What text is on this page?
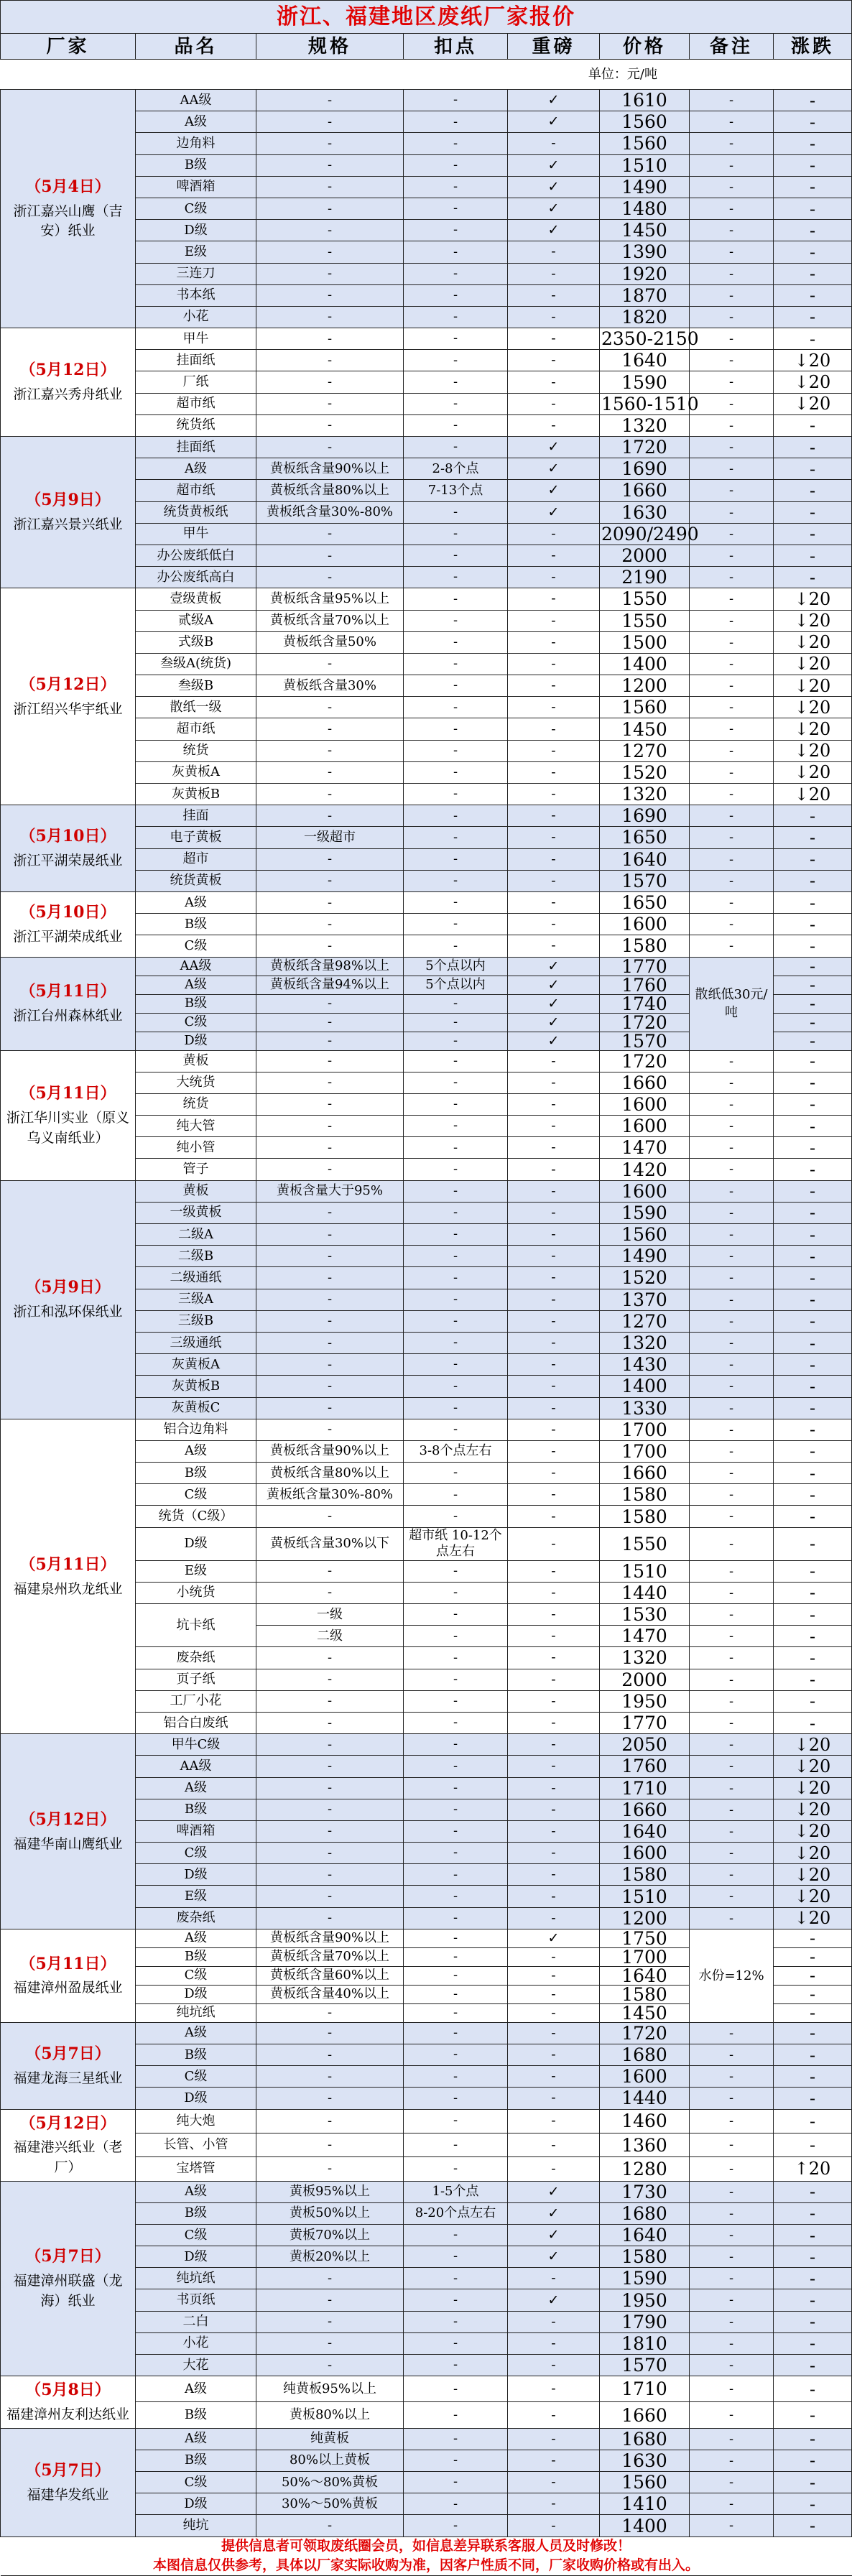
浙江、福建地区废纸厂家报价							
厂家	品名	规格	扣点	重磅	价格	备注	涨跌
单位：元/吨							

（5月4日）
浙江嘉兴山鹰（吉安）纸业	AA级	-	-	✓	1610	-	-
	A级	-	-	✓	1560	-	-
	边角料	-	-	-	1560	-	-
	B级	-	-	✓	1510	-	-
	啤酒箱	-	-	✓	1490	-	-
	C级	-	-	✓	1480	-	-
	D级	-	-	✓	1450	-	-
	E级	-	-	-	1390	-	-
	三连刀	-	-	-	1920	-	-
	书本纸	-	-	-	1870	-	-
	小花	-	-	-	1820	-	-

（5月12日）
浙江嘉兴秀舟纸业	甲牛	-	-	-	2350-2150	-	-
	挂面纸	-	-	-	1640	-	↓20
	厂纸	-	-	-	1590	-	↓20
	超市纸	-	-	-	1560-1510	-	↓20
	统货纸	-	-	-	1320	-	-

（5月9日）
浙江嘉兴景兴纸业	挂面纸	-	-	✓	1720	-	-
	A级	黄板纸含量90%以上	2-8个点	✓	1690	-	-
	超市纸	黄板纸含量80%以上	7-13个点	✓	1660	-	-
	统货黄板纸	黄板纸含量30%-80%	-	✓	1630	-	-
	甲牛	-	-	-	2090/2490	-	-
	办公废纸低白	-	-	-	2000	-	-
	办公废纸高白	-	-	-	2190	-	-

（5月12日）
浙江绍兴华宇纸业	壹级黄板	黄板纸含量95%以上	-	-	1550	-	↓20
	贰级A	黄板纸含量70%以上	-	-	1550	-	↓20
	式级B	黄板纸含量50%	-	-	1500	-	↓20
	叁级A(统货)	-	-	-	1400	-	↓20
	叁级B	黄板纸含量30%	-	-	1200	-	↓20
	散纸一级	-	-	-	1560	-	↓20
	超市纸	-	-	-	1450	-	↓20
	统货	-	-	-	1270	-	↓20
	灰黄板A	-	-	-	1520	-	↓20
	灰黄板B	-	-	-	1320	-	↓20

（5月10日）
浙江平湖荣晟纸业	挂面	-	-	-	1690	-	-
	电子黄板	一级超市	-	-	1650	-	-
	超市	-	-	-	1640	-	-
	统货黄板	-	-	-	1570	-	-

（5月10日）
浙江平湖荣成纸业	A级	-	-	-	1650	-	-
	B级	-	-	-	1600	-	-
	C级	-	-	-	1580	-	-

（5月11日）
浙江台州森林纸业	AA级	黄板纸含量98%以上	5个点以内	✓	1770	散纸低30元/吨	-
	A级	黄板纸含量94%以上	5个点以内	✓	1760		-
	B级	-	-	✓	1740		-
	C级	-	-	✓	1720		-
	D级	-	-	✓	1570		-

（5月11日）
浙江华川实业（原义乌义南纸业）	黄板	-	-	-	1720	-	-
	大统货	-	-	-	1660	-	-
	统货	-	-	-	1600	-	-
	纯大管	-	-	-	1600	-	-
	纯小管	-	-	-	1470	-	-
	管子	-	-	-	1420	-	-

（5月9日）
浙江和泓环保纸业	黄板	黄板含量大于95%	-	-	1600	-	-
	一级黄板	-	-	-	1590	-	-
	二级A	-	-	-	1560	-	-
	二级B	-	-	-	1490	-	-
	二级通纸	-	-	-	1520	-	-
	三级A	-	-	-	1370	-	-
	三级B	-	-	-	1270	-	-
	三级通纸	-	-	-	1320	-	-
	灰黄板A	-	-	-	1430	-	-
	灰黄板B	-	-	-	1400	-	-
	灰黄板C	-	-	-	1330	-	-

（5月11日）
福建泉州玖龙纸业	铝合边角料	-	-	-	1700	-	-
	A级	黄板纸含量90%以上	3-8个点左右	-	1700	-	-
	B级	黄板纸含量80%以上	-	-	1660	-	-
	C级	黄板纸含量30%-80%	-	-	1580	-	-
	统货（C级）	-	-	-	1580	-	-
	D级	黄板纸含量30%以下	超市纸 10-12个点左右	-	1550	-	-
	E级	-	-	-	1510	-	-
	小统货	-	-	-	1440	-	-
	坑卡纸	一级	-	-	1530	-	-
		二级	-	-	1470	-	-
	废杂纸	-	-	-	1320	-	-
	页子纸	-	-	-	2000	-	-
	工厂小花	-	-	-	1950	-	-
	铝合白废纸	-	-	-	1770	-	-

（5月12日）
福建华南山鹰纸业	甲牛C级	-	-	-	2050	-	↓20
	AA级	-	-	-	1760	-	↓20
	A级	-	-	-	1710	-	↓20
	B级	-	-	-	1660	-	↓20
	啤酒箱	-	-	-	1640	-	↓20
	C级	-	-	-	1600	-	↓20
	D级	-	-	-	1580	-	↓20
	E级	-	-	-	1510	-	↓20
	废杂纸	-	-	-	1200	-	↓20

（5月11日）
福建漳州盈晟纸业	A级	黄板纸含量90%以上	-	✓	1750	水份=12%	-
	B级	黄板纸含量70%以上	-	-	1700		-
	C级	黄板纸含量60%以上	-	-	1640		-
	D级	黄板纸含量40%以上	-	-	1580		-
	纯坑纸	-	-	-	1450		-

（5月7日）
福建龙海三星纸业	A级	-	-	-	1720	-	-
	B级	-	-	-	1680	-	-
	C级	-	-	-	1600	-	-
	D级	-	-	-	1440	-	-

（5月12日）
福建港兴纸业（老厂）	纯大炮	-	-	-	1460	-	-
	长管、小管	-	-	-	1360	-	-
	宝塔管	-	-	-	1280	-	↑20

（5月7日）
福建漳州联盛（龙海）纸业	A级	黄板95%以上	1-5个点	✓	1730	-	-
	B级	黄板50%以上	8-20个点左右	✓	1680	-	-
	C级	黄板70%以上	-	✓	1640	-	-
	D级	黄板20%以上	-	✓	1580	-	-
	纯坑纸	-	-	-	1590	-	-
	书页纸	-	-	✓	1950	-	-
	二白	-	-	-	1790	-	-
	小花	-	-	-	1810	-	-
	大花	-	-	-	1570	-	-

（5月8日）
福建漳州友利达纸业	A级	纯黄板95%以上	-	-	1710	-	-
	B级	黄板80%以上	-	-	1660	-	-

（5月7日）
福建华发纸业	A级	纯黄板	-	-	1680	-	-
	B级	80%以上黄板	-	-	1630	-	-
	C级	50%～80%黄板	-	-	1560	-	-
	D级	30%～50%黄板	-	-	1410	-	-
	纯坑	-	-	-	1400	-	-
提供信息者可领取废纸圈会员，如信息差异联系客服人员及时修改！							
本图信息仅供参考，具体以厂家实际收购为准，因客户性质不同，厂家收购价格或有出入。							
